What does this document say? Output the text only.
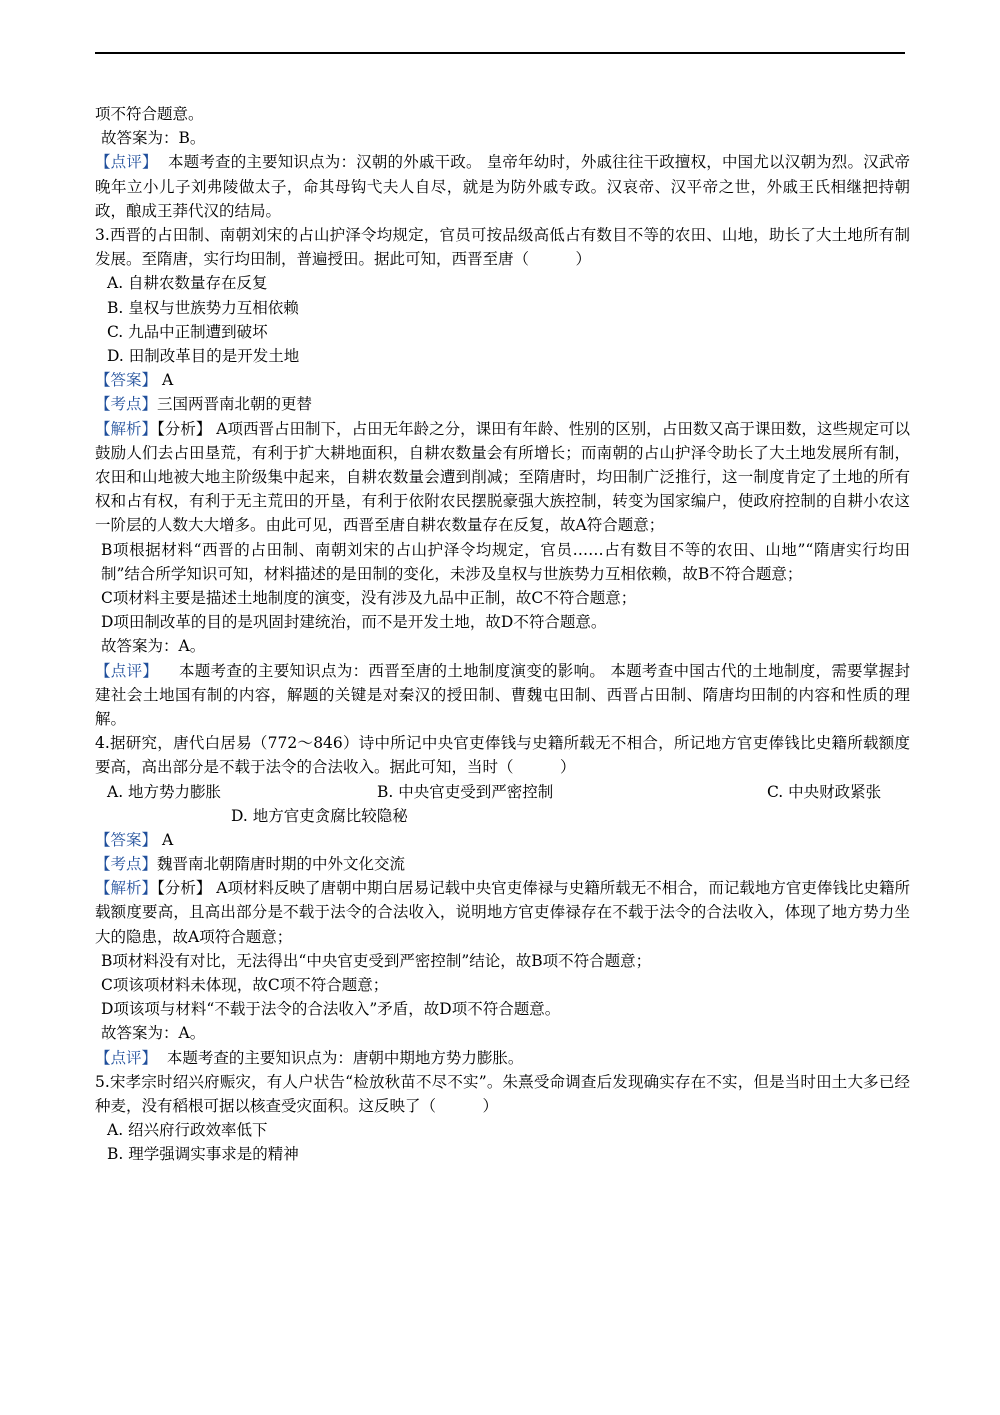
项不符合题意。
故答案为：B。
【点评】 本题考查的主要知识点为：汉朝的外戚干政。 皇帝年幼时，外戚往往干政擅权，中国尤以汉朝为烈。汉武帝晚年立小儿子刘弗陵做太子，命其母钩弋夫人自尽，就是为防外戚专政。汉哀帝、汉平帝之世，外戚王氏相继把持朝政，酿成王莽代汉的结局。
3.西晋的占田制、南朝刘宋的占山护泽令均规定，官员可按品级高低占有数目不等的农田、山地，助长了大土地所有制发展。至隋唐，实行均田制，普遍授田。据此可知，西晋至唐（　　　）
A. 自耕农数量存在反复
B. 皇权与世族势力互相依赖
C. 九品中正制遭到破坏
D. 田制改革目的是开发土地
【答案】 A
【考点】三国两晋南北朝的更替
【解析】【分析】 A项西晋占田制下，占田无年龄之分，课田有年龄、性别的区别，占田数又高于课田数，这些规定可以鼓励人们去占田垦荒，有利于扩大耕地面积，自耕农数量会有所增长；而南朝的占山护泽令助长了大土地发展所有制，农田和山地被大地主阶级集中起来，自耕农数量会遭到削减；至隋唐时，均田制广泛推行，这一制度肯定了土地的所有权和占有权，有利于无主荒田的开垦，有利于依附农民摆脱豪强大族控制，转变为国家编户，使政府控制的自耕小农这一阶层的人数大大增多。由此可见，西晋至唐自耕农数量存在反复，故A符合题意；
B项根据材料“西晋的占田制、南朝刘宋的占山护泽令均规定，官员……占有数目不等的农田、山地”“隋唐实行均田制”结合所学知识可知，材料描述的是田制的变化，未涉及皇权与世族势力互相依赖，故B不符合题意；
C项材料主要是描述土地制度的演变，没有涉及九品中正制，故C不符合题意；
D项田制改革的目的是巩固封建统治，而不是开发土地，故D不符合题意。
故答案为：A。
【点评】 本题考查的主要知识点为：西晋至唐的土地制度演变的影响。 本题考查中国古代的土地制度，需要掌握封建社会土地国有制的内容，解题的关键是对秦汉的授田制、曹魏屯田制、西晋占田制、隋唐均田制的内容和性质的理解。
4.据研究，唐代白居易（772～846）诗中所记中央官吏俸钱与史籍所载无不相合，所记地方官吏俸钱比史籍所载额度要高，高出部分是不载于法令的合法收入。据此可知，当时（　　　）
A. 地方势力膨胀	B. 中央官吏受到严密控制	C. 中央财政紧张
D. 地方官吏贪腐比较隐秘
【答案】 A
【考点】魏晋南北朝隋唐时期的中外文化交流
【解析】【分析】 A项材料反映了唐朝中期白居易记载中央官吏俸禄与史籍所载无不相合，而记载地方官吏俸钱比史籍所载额度要高，且高出部分是不载于法令的合法收入，说明地方官吏俸禄存在不载于法令的合法收入，体现了地方势力坐大的隐患，故A项符合题意；
B项材料没有对比，无法得出“中央官吏受到严密控制”结论，故B项不符合题意；
C项该项材料未体现，故C项不符合题意；
D项该项与材料“不载于法令的合法收入”矛盾，故D项不符合题意。
故答案为：A。
【点评】 本题考查的主要知识点为：唐朝中期地方势力膨胀。
5.宋孝宗时绍兴府赈灾，有人户状告“检放秋苗不尽不实”。朱熹受命调查后发现确实存在不实，但是当时田土大多已经种麦，没有稻根可据以核查受灾面积。这反映了（　　　）
A. 绍兴府行政效率低下
B. 理学强调实事求是的精神
